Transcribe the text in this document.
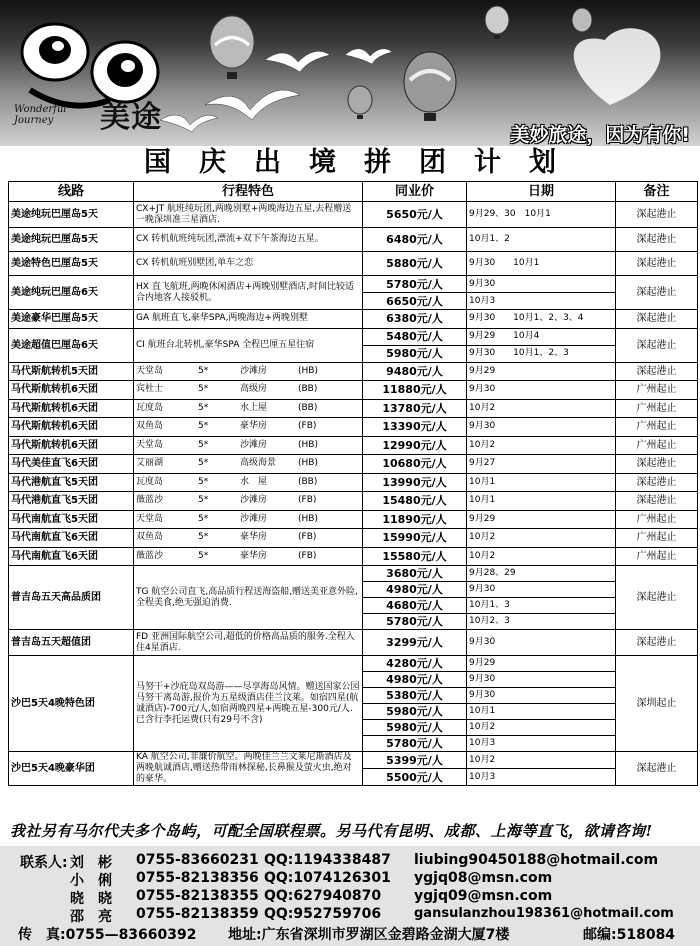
Wonderful Journey	美途	美妙旅途，因为有你!
国庆出境拼团计划
线路	行程特色	同业价	日期	备注
美途纯玩巴厘岛5天	CX+JT 航班纯玩团,两晚别墅+两晚海边五星,去程赠送一晚深圳准三星酒店.	5650元/人	9月29、30　10月1	深起港止
美途纯玩巴厘岛5天	CX 转机航班纯玩团,漂流+双下午茶海边五星。	6480元/人	10月1、2	深起港止
美途特色巴厘岛5天	CX 转机航班别墅团,单车之恋	5880元/人	9月30　　10月1	深起港止
美途纯玩巴厘岛6天	HX 直飞航班,两晚休闲酒店+两晚别墅酒店,时间比较适合内地客人接驳机。	5780元/人	9月30	深起港止
		6650元/人	10月3	
美途豪华巴厘岛5天	GA 航班直飞,豪华SPA,两晚海边+两晚别墅	6380元/人	9月30　　10月1、2、3、4	深起港止
美途超值巴厘岛6天	CI 航班台北转机,豪华SPA 全程巴厘五星住宿	5480元/人	9月29　　10月4	深起港止
		5980元/人	9月30　　10月1、2、3	
马代斯航转机5天团	天堂岛 5* 沙滩房 (HB)	9480元/人	9月29	深起港止
马代斯航转机6天团	宾杜士 5* 高级房 (BB)	11880元/人	9月30	广州起止
马代斯航转机6天团	瓦度岛 5* 水上屋 (BB)	13780元/人	10月2	广州起止
马代斯航转机6天团	双鱼岛 5* 豪华房 (FB)	13390元/人	9月30	广州起止
马代斯航转机6天团	天堂岛 5* 沙滩房 (HB)	12990元/人	10月2	广州起止
马代美佳直飞6天团	艾丽湖 5* 高级海景 (HB)	10680元/人	9月27	深起港止
马代港航直飞5天团	瓦度岛 5* 水　屋 (BB)	13990元/人	10月1	深起港止
马代港航直飞5天团	薇蓝沙 5* 沙滩房 (FB)	15480元/人	10月1	深起港止
马代南航直飞5天团	天堂岛 5* 沙滩房 (HB)	11890元/人	9月29	广州起止
马代南航直飞6天团	双鱼岛 5* 豪华房 (FB)	15990元/人	10月2	广州起止
马代南航直飞6天团	薇蓝沙 5* 豪华房 (FB)	15580元/人	10月2	广州起止
普吉岛五天高品质团	TG 航空公司直飞,高品质行程送海盗船,赠送美亚意外险,全程美食,绝无强迫消费.	3680元/人	9月28、29	深起港止
		4980元/人	9月30	
		4680元/人	10月1、3	
		5780元/人	10月2、3	
普吉岛五天超值团	FD 亚洲国际航空公司,超低的价格高品质的服务.全程入住4星酒店.	3299元/人	9月30	深起港止
沙巴5天4晚特色团	马努干+沙庇岛双岛游——尽享海岛风情。赠送国家公园马努干离岛游,报价为五星级酒店佳兰汶莱。如宿四星(航诚酒店)-700元/人,如宿两晚四星+两晚五星-300元/人.已含行李托运费(只有29号不含)	4280元/人	9月29	深圳起止
		4980元/人	9月30	
		5380元/人	9月30	
		5980元/人	10月1	
		5980元/人	10月2	
		5780元/人	10月3	
沙巴5天4晚豪华团	KA 航空公司,非廉价航空。两晚佳兰兰文莱尼斯酒店及两晚航诚酒店,赠送热带雨林探秘,长鼻猴及萤火虫,绝对的豪华。	5399元/人	10月2	深起港止
		5500元/人	10月3	
我社另有马尔代夫多个岛屿，可配全国联程票。另马代有昆明、成都、上海等直飞，欲请咨询!
联系人: 刘　彬	0755-83660231 QQ:1194338487 liubing90450188@hotmail.com
小　俐	0755-82138356 QQ:1074126301 ygjq08@msn.com
晓　晓	0755-82138355 QQ:627940870 ygjq09@msn.com
邵　亮	0755-82138359 QQ:952759706	gansulanzhou198361@hotmail.com
传　真:0755—83660392 地址:广东省深圳市罗湖区金碧路金湖大厦7楼	邮编:518084
